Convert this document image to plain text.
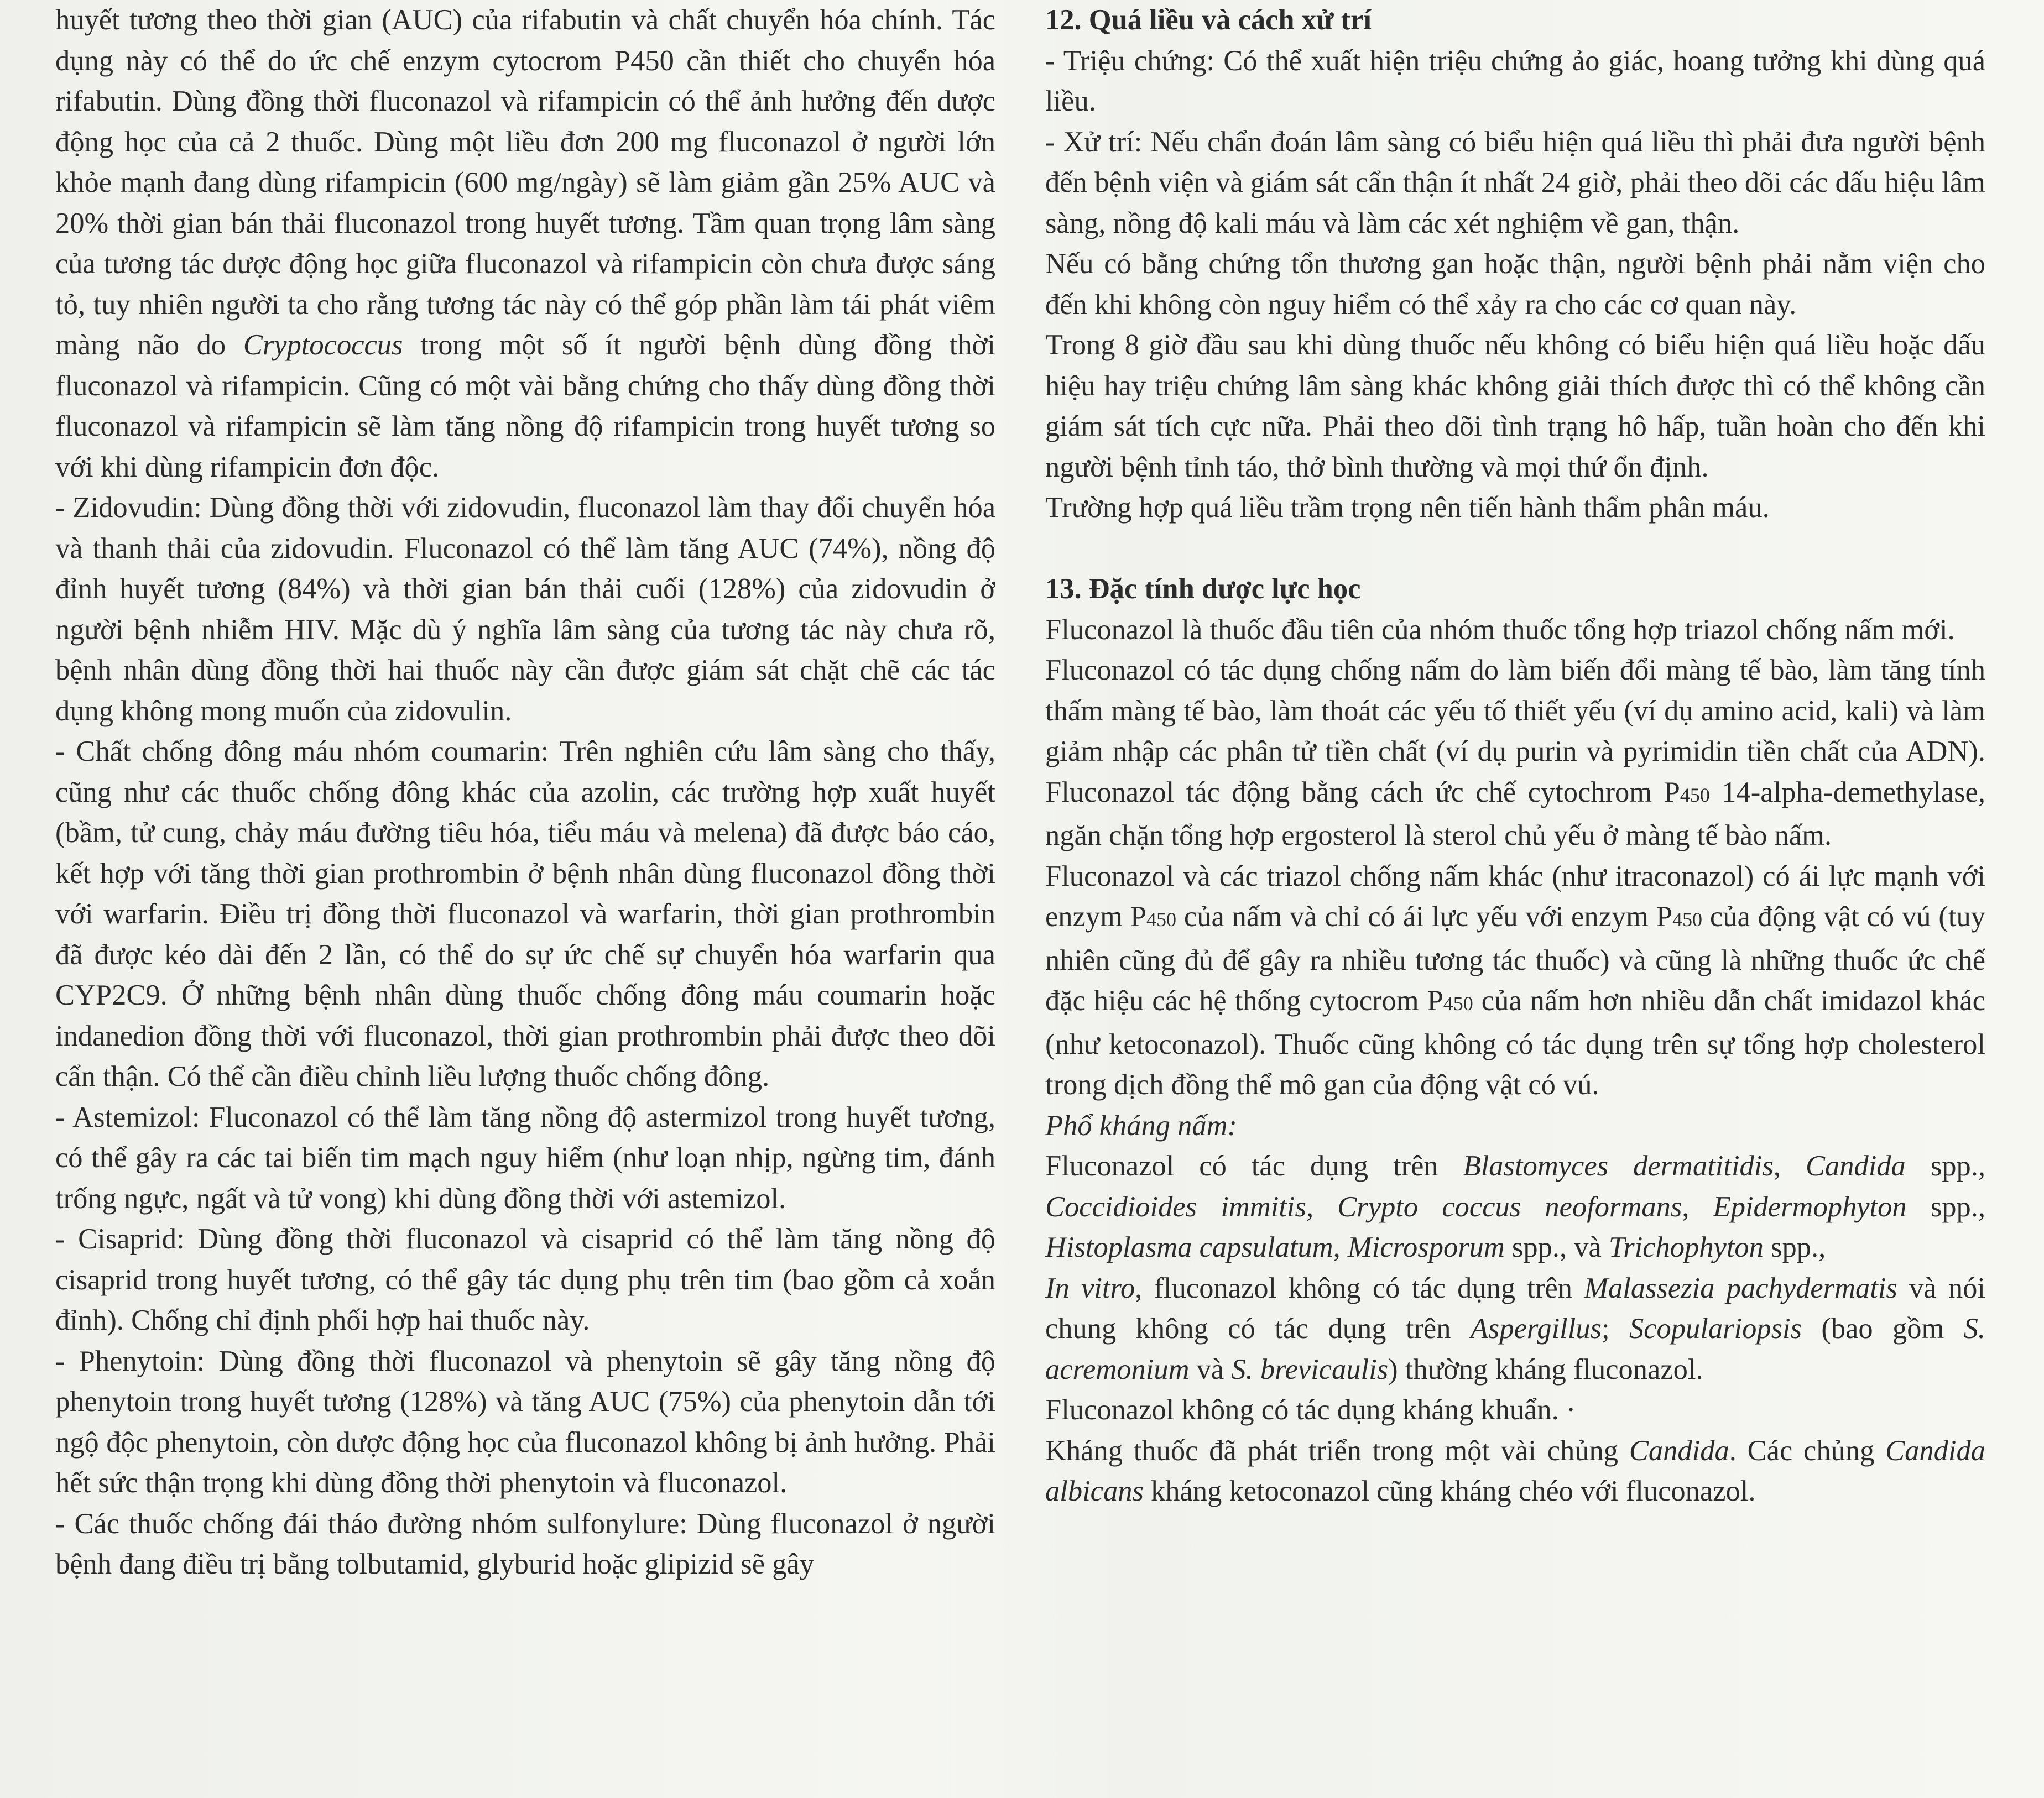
huyết tương theo thời gian (AUC) của rifabutin và chất chuyển hóa chính. Tác dụng này có thể do ức chế enzym cytocrom P450 cần thiết cho chuyển hóa rifabutin. Dùng đồng thời fluconazol và rifampicin có thể ảnh hưởng đến dược động học của cả 2 thuốc. Dùng một liều đơn 200 mg fluconazol ở người lớn khỏe mạnh đang dùng rifampicin (600 mg/ngày) sẽ làm giảm gần 25% AUC và 20% thời gian bán thải fluconazol trong huyết tương. Tầm quan trọng lâm sàng của tương tác dược động học giữa fluconazol và rifampicin còn chưa được sáng tỏ, tuy nhiên người ta cho rằng tương tác này có thể góp phần làm tái phát viêm màng não do Cryptococcus trong một số ít người bệnh dùng đồng thời fluconazol và rifampicin. Cũng có một vài bằng chứng cho thấy dùng đồng thời fluconazol và rifampicin sẽ làm tăng nồng độ rifampicin trong huyết tương so với khi dùng rifampicin đơn độc.

- Zidovudin: Dùng đồng thời với zidovudin, fluconazol làm thay đổi chuyển hóa và thanh thải của zidovudin. Fluconazol có thể làm tăng AUC (74%), nồng độ đỉnh huyết tương (84%) và thời gian bán thải cuối (128%) của zidovudin ở người bệnh nhiễm HIV. Mặc dù ý nghĩa lâm sàng của tương tác này chưa rõ, bệnh nhân dùng đồng thời hai thuốc này cần được giám sát chặt chẽ các tác dụng không mong muốn của zidovulin.

- Chất chống đông máu nhóm coumarin: Trên nghiên cứu lâm sàng cho thấy, cũng như các thuốc chống đông khác của azolin, các trường hợp xuất huyết (bầm, tử cung, chảy máu đường tiêu hóa, tiểu máu và melena) đã được báo cáo, kết hợp với tăng thời gian prothrombin ở bệnh nhân dùng fluconazol đồng thời với warfarin. Điều trị đồng thời fluconazol và warfarin, thời gian prothrombin đã được kéo dài đến 2 lần, có thể do sự ức chế sự chuyển hóa warfarin qua CYP2C9. Ở những bệnh nhân dùng thuốc chống đông máu coumarin hoặc indanedion đồng thời với fluconazol, thời gian prothrombin phải được theo dõi cẩn thận. Có thể cần điều chỉnh liều lượng thuốc chống đông.

- Astemizol: Fluconazol có thể làm tăng nồng độ astermizol trong huyết tương, có thể gây ra các tai biến tim mạch nguy hiểm (như loạn nhịp, ngừng tim, đánh trống ngực, ngất và tử vong) khi dùng đồng thời với astemizol.

- Cisaprid: Dùng đồng thời fluconazol và cisaprid có thể làm tăng nồng độ cisaprid trong huyết tương, có thể gây tác dụng phụ trên tim (bao gồm cả xoắn đỉnh). Chống chỉ định phối hợp hai thuốc này.

- Phenytoin: Dùng đồng thời fluconazol và phenytoin sẽ gây tăng nồng độ phenytoin trong huyết tương (128%) và tăng AUC (75%) của phenytoin dẫn tới ngộ độc phenytoin, còn dược động học của fluconazol không bị ảnh hưởng. Phải hết sức thận trọng khi dùng đồng thời phenytoin và fluconazol.

- Các thuốc chống đái tháo đường nhóm sulfonylure: Dùng fluconazol ở người bệnh đang điều trị bằng tolbutamid, glyburid hoặc glipizid sẽ gây

12. Quá liều và cách xử trí

- Triệu chứng: Có thể xuất hiện triệu chứng ảo giác, hoang tưởng khi dùng quá liều.

- Xử trí: Nếu chẩn đoán lâm sàng có biểu hiện quá liều thì phải đưa người bệnh đến bệnh viện và giám sát cẩn thận ít nhất 24 giờ, phải theo dõi các dấu hiệu lâm sàng, nồng độ kali máu và làm các xét nghiệm về gan, thận.

Nếu có bằng chứng tổn thương gan hoặc thận, người bệnh phải nằm viện cho đến khi không còn nguy hiểm có thể xảy ra cho các cơ quan này.

Trong 8 giờ đầu sau khi dùng thuốc nếu không có biểu hiện quá liều hoặc dấu hiệu hay triệu chứng lâm sàng khác không giải thích được thì có thể không cần giám sát tích cực nữa. Phải theo dõi tình trạng hô hấp, tuần hoàn cho đến khi người bệnh tỉnh táo, thở bình thường và mọi thứ ổn định.

Trường hợp quá liều trầm trọng nên tiến hành thẩm phân máu.

13. Đặc tính dược lực học

Fluconazol là thuốc đầu tiên của nhóm thuốc tổng hợp triazol chống nấm mới.

Fluconazol có tác dụng chống nấm do làm biến đổi màng tế bào, làm tăng tính thấm màng tế bào, làm thoát các yếu tố thiết yếu (ví dụ amino acid, kali) và làm giảm nhập các phân tử tiền chất (ví dụ purin và pyrimidin tiền chất của ADN). Fluconazol tác động bằng cách ức chế cytochrom P450 14-alpha-demethylase, ngăn chặn tổng hợp ergosterol là sterol chủ yếu ở màng tế bào nấm.

Fluconazol và các triazol chống nấm khác (như itraconazol) có ái lực mạnh với enzym P450 của nấm và chỉ có ái lực yếu với enzym P450 của động vật có vú (tuy nhiên cũng đủ để gây ra nhiều tương tác thuốc) và cũng là những thuốc ức chế đặc hiệu các hệ thống cytocrom P450 của nấm hơn nhiều dẫn chất imidazol khác (như ketoconazol). Thuốc cũng không có tác dụng trên sự tổng hợp cholesterol trong dịch đồng thể mô gan của động vật có vú.

Phổ kháng nấm:

Fluconazol có tác dụng trên Blastomyces dermatitidis, Candida spp., Coccidioides immitis, Crypto coccus neoformans, Epidermophyton spp., Histoplasma capsulatum, Microsporum spp., và Trichophyton spp.,

In vitro, fluconazol không có tác dụng trên Malassezia pachydermatis và nói chung không có tác dụng trên Aspergillus; Scopulariopsis (bao gồm S. acremonium và S. brevicaulis) thường kháng fluconazol.

Fluconazol không có tác dụng kháng khuẩn. ·

Kháng thuốc đã phát triển trong một vài chủng Candida. Các chủng Candida albicans kháng ketoconazol cũng kháng chéo với fluconazol.
